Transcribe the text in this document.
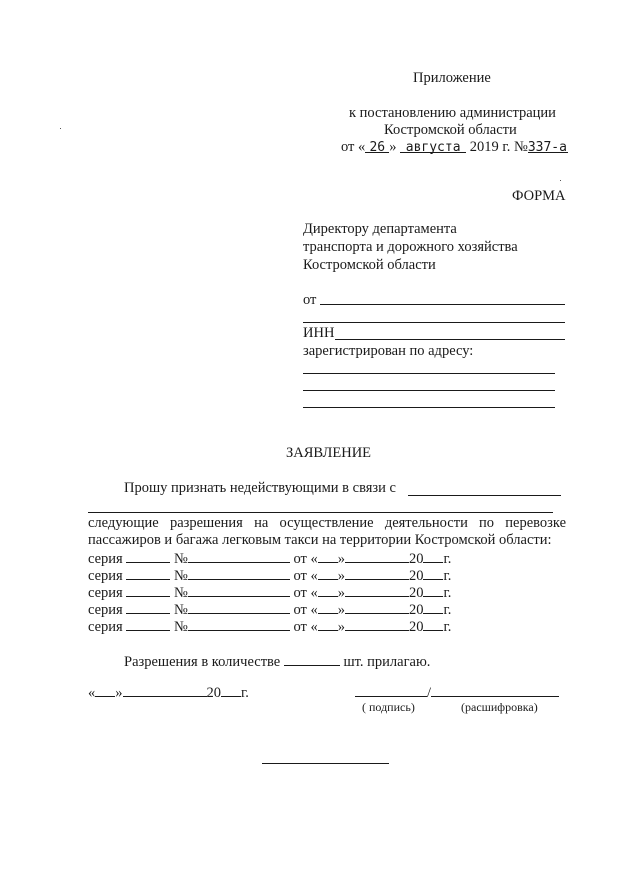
Приложение
к постановлению администрации
Костромской области
от « 26 » августа 2019 г. №337-а
ФОРМА
Директору департамента
транспорта и дорожного хозяйства
Костромской области
от
ИНН
зарегистрирован по адресу:
ЗАЯВЛЕНИЕ
Прошу признать недействующими в связи с
следующие разрешения на осуществление деятельности по перевозке
пассажиров и багажа легковым такси на территории Костромской области:
серия	№	от « »	20 г.
серия	№	от « »	20 г.
серия	№	от « »	20 г.
серия	№	от « »	20 г.
серия	№	от « »	20 г.
Разрешения в количестве	шт. прилагаю.
« »	20 г.	/
( подпись)	(расшифровка)
